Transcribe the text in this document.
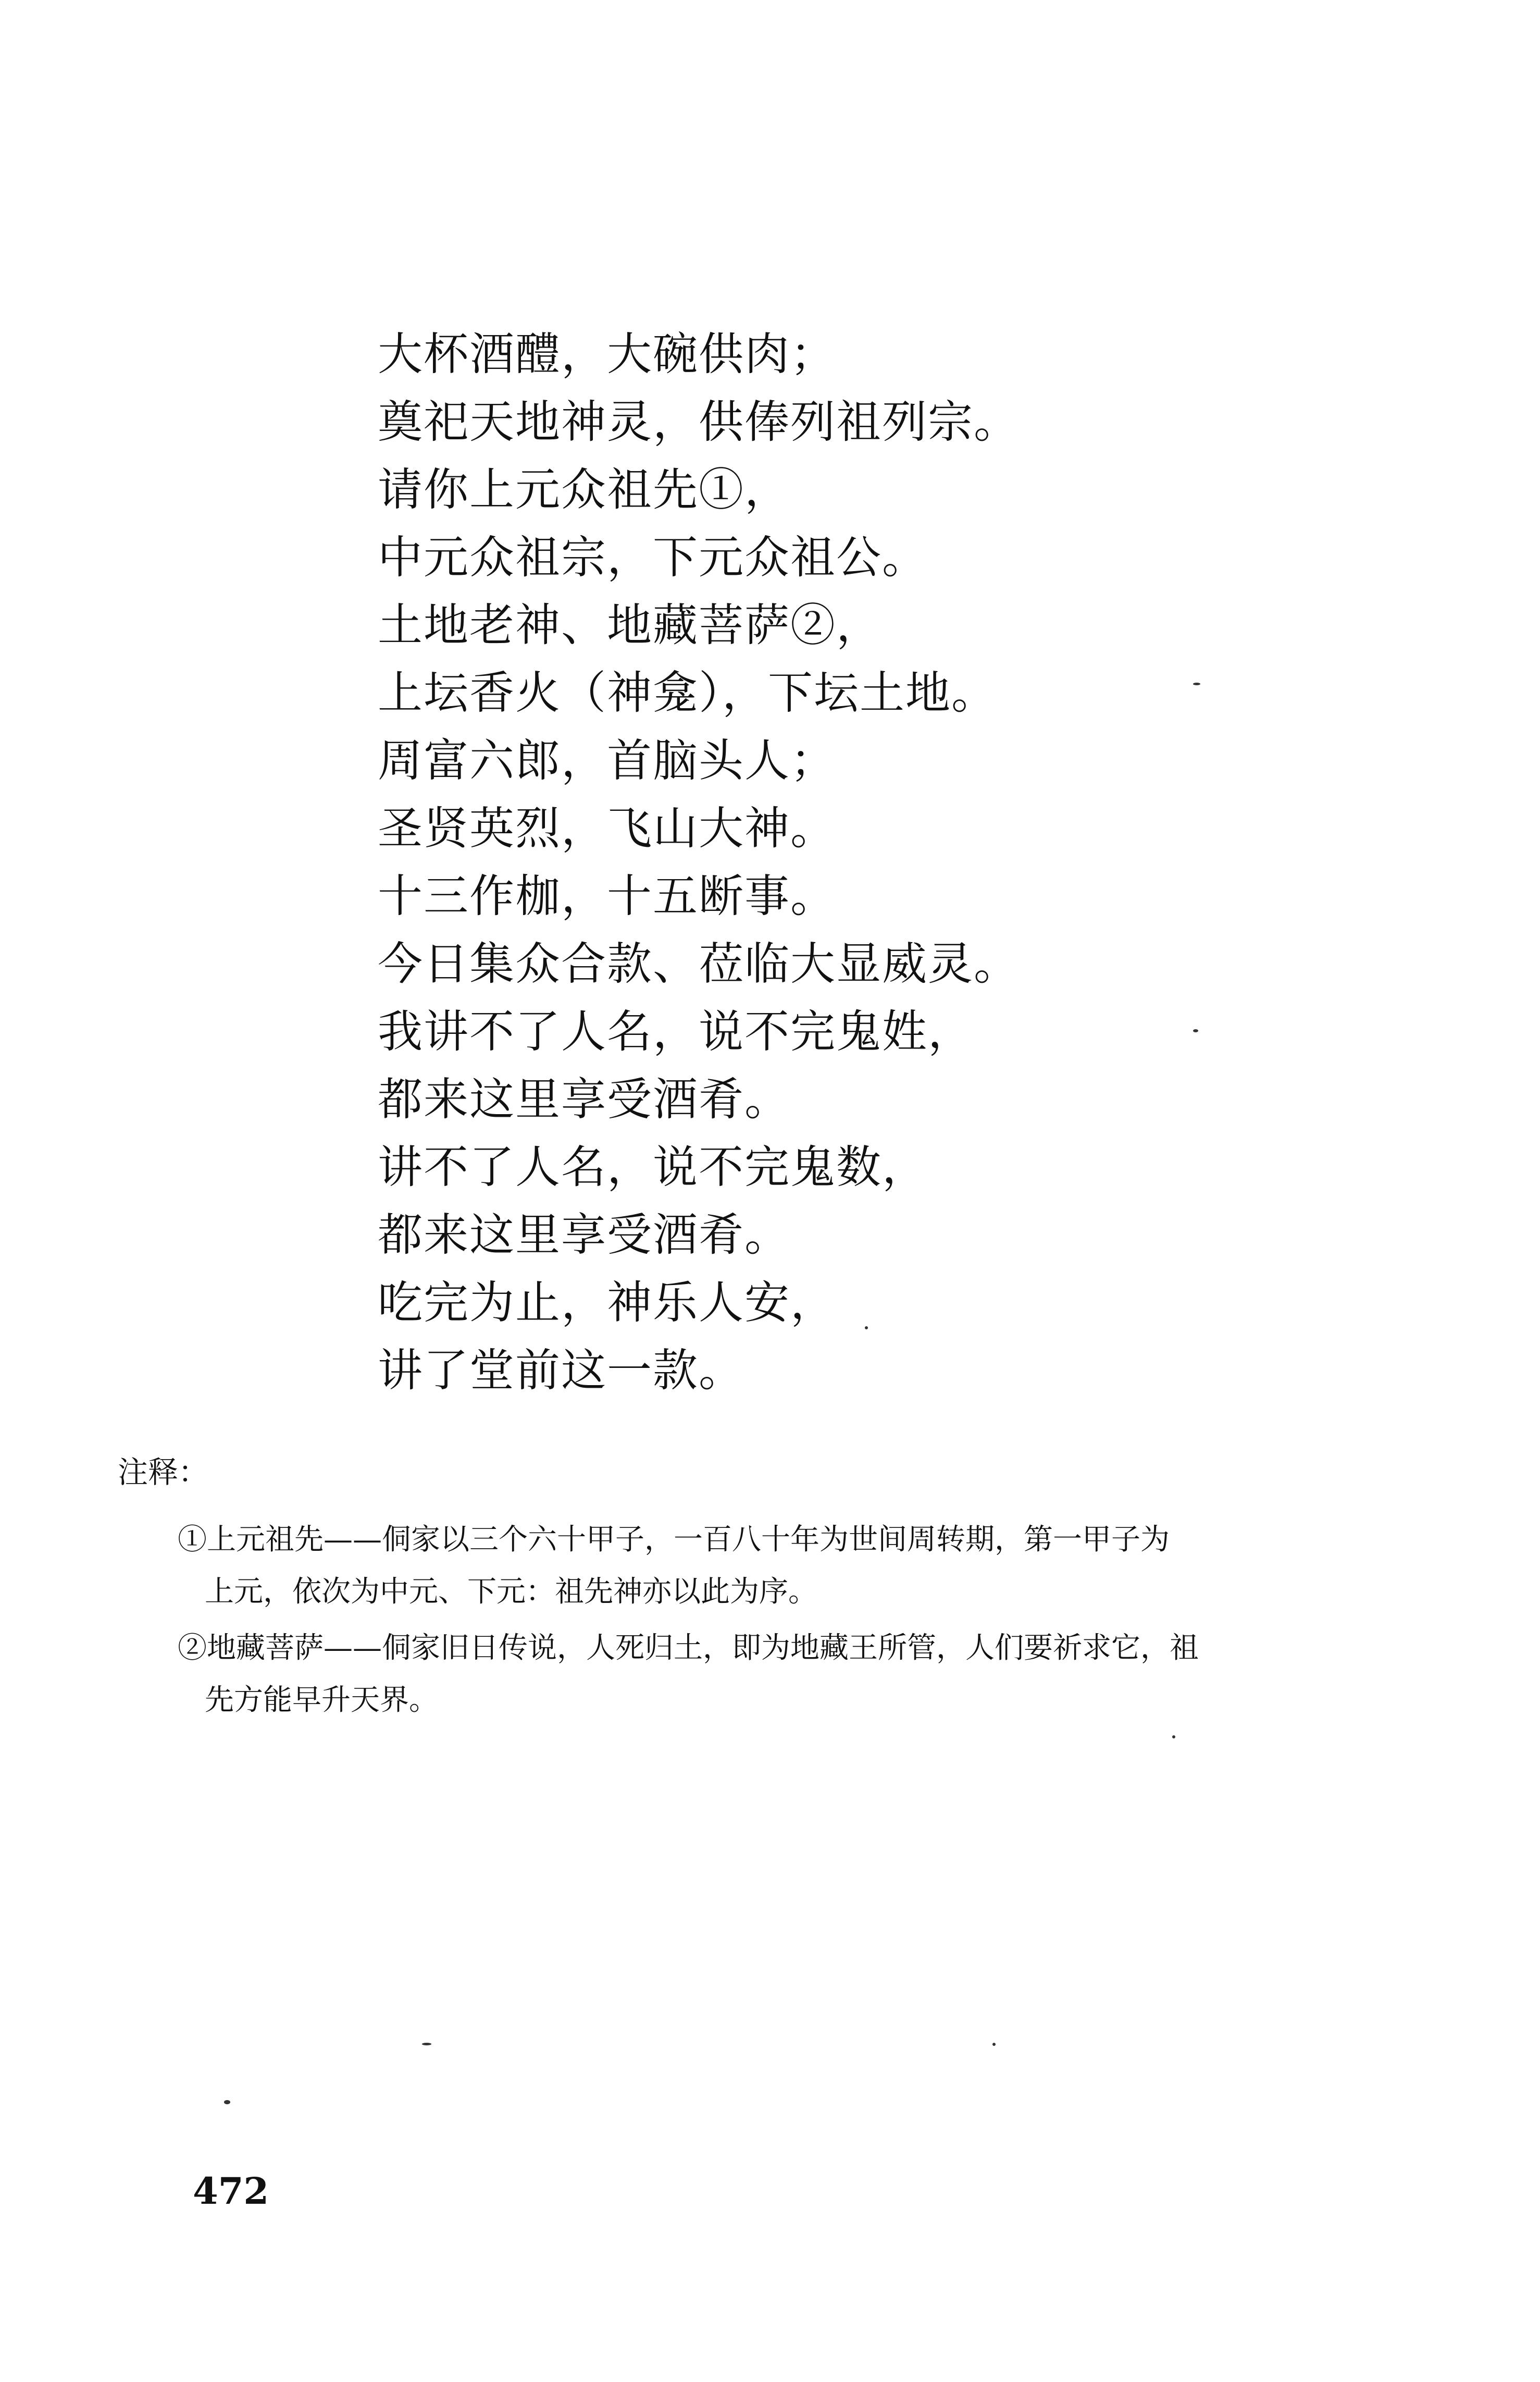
大杯酒醴，大碗供肉；
奠祀天地神灵，供俸列祖列宗。
请你上元众祖先①，
中元众祖宗，下元众祖公。
土地老神、地藏菩萨②，
上坛香火（神龛），下坛土地。
周富六郎，首脑头人；
圣贤英烈，飞山大神。
十三作枷，十五断事。
今日集众合款、莅临大显威灵。
我讲不了人名，说不完鬼姓，
都来这里享受酒肴。
讲不了人名，说不完鬼数，
都来这里享受酒肴。
吃完为止，神乐人安，
讲了堂前这一款。
注释：
①上元祖先——侗家以三个六十甲子，一百八十年为世间周转期，第一甲子为
上元，依次为中元、下元：祖先神亦以此为序。
②地藏菩萨——侗家旧日传说，人死归土，即为地藏王所管，人们要祈求它，祖
先方能早升天界。
472
